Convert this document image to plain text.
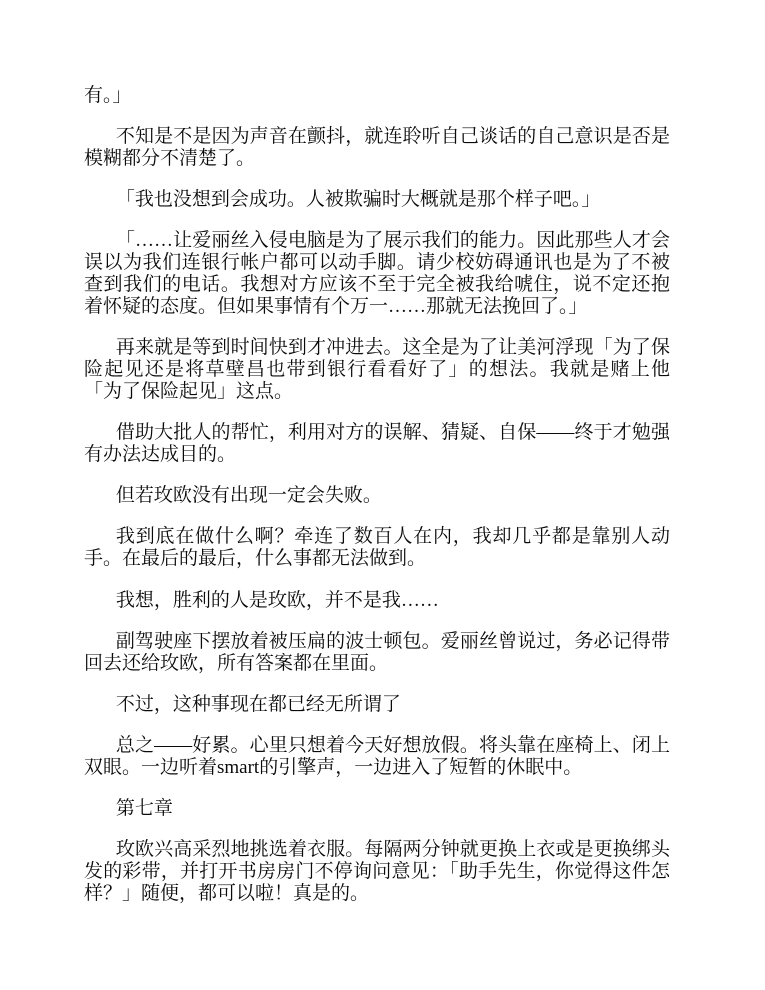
有。」

不知是不是因为声音在颤抖，就连聆听自己谈话的自己意识是否是模糊都分不清楚了。

「我也没想到会成功。人被欺骗时大概就是那个样子吧。」

「……让爱丽丝入侵电脑是为了展示我们的能力。因此那些人才会误以为我们连银行帐户都可以动手脚。请少校妨碍通讯也是为了不被查到我们的电话。我想对方应该不至于完全被我给唬住，说不定还抱着怀疑的态度。但如果事情有个万一……那就无法挽回了。」

再来就是等到时间快到才冲进去。这全是为了让美河浮现「为了保险起见还是将草壁昌也带到银行看看好了」的想法。我就是赌上他「为了保险起见」这点。

借助大批人的帮忙，利用对方的误解、猜疑、自保——终于才勉强有办法达成目的。

但若玫欧没有出现一定会失败。

我到底在做什么啊？牵连了数百人在内，我却几乎都是靠别人动手。在最后的最后，什么事都无法做到。

我想，胜利的人是玫欧，并不是我……

副驾驶座下摆放着被压扁的波士顿包。爱丽丝曾说过，务必记得带回去还给玫欧，所有答案都在里面。

不过，这种事现在都已经无所谓了

总之——好累。心里只想着今天好想放假。将头靠在座椅上、闭上双眼。一边听着smart的引擎声，一边进入了短暂的休眠中。

第七章

玫欧兴高采烈地挑选着衣服。每隔两分钟就更换上衣或是更换绑头发的彩带，并打开书房房门不停询问意见：「助手先生，你觉得这件怎样？」随便，都可以啦！真是的。
